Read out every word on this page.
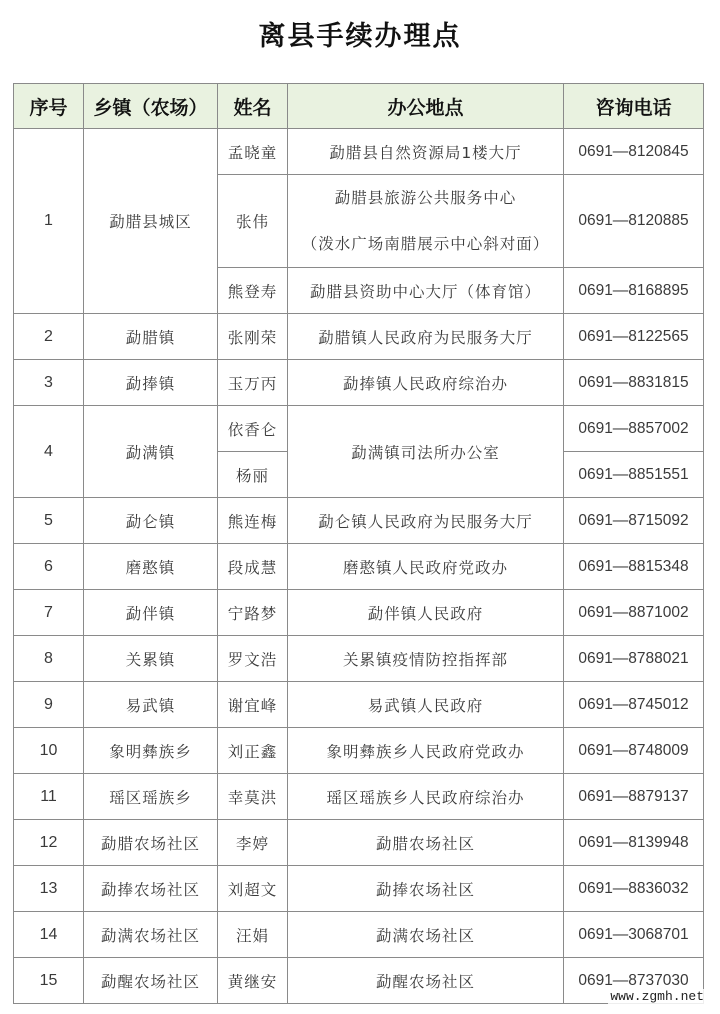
离县手续办理点
序号	乡镇（农场）	姓名	办公地点	咨询电话
1	勐腊县城区	孟晓童	勐腊县自然资源局1楼大厅	0691—8120845
		张伟	勐腊县旅游公共服务中心
（泼水广场南腊展示中心斜对面）	0691—8120885
		熊登寿	勐腊县资助中心大厅（体育馆）	0691—8168895
2	勐腊镇	张刚荣	勐腊镇人民政府为民服务大厅	0691—8122565
3	勐捧镇	玉万丙	勐捧镇人民政府综治办	0691—8831815
4	勐满镇	依香仑	勐满镇司法所办公室	0691—8857002
		杨丽		0691—8851551
5	勐仑镇	熊连梅	勐仑镇人民政府为民服务大厅	0691—8715092
6	磨憨镇	段成慧	磨憨镇人民政府党政办	0691—8815348
7	勐伴镇	宁路梦	勐伴镇人民政府	0691—8871002
8	关累镇	罗文浩	关累镇疫情防控指挥部	0691—8788021
9	易武镇	谢宜峰	易武镇人民政府	0691—8745012
10	象明彝族乡	刘正鑫	象明彝族乡人民政府党政办	0691—8748009
11	瑶区瑶族乡	幸莫洪	瑶区瑶族乡人民政府综治办	0691—8879137
12	勐腊农场社区	李婷	勐腊农场社区	0691—8139948
13	勐捧农场社区	刘超文	勐捧农场社区	0691—8836032
14	勐满农场社区	汪娟	勐满农场社区	0691—3068701
15	勐醒农场社区	黄继安	勐醒农场社区	0691—8737030
www.zgmh.net
